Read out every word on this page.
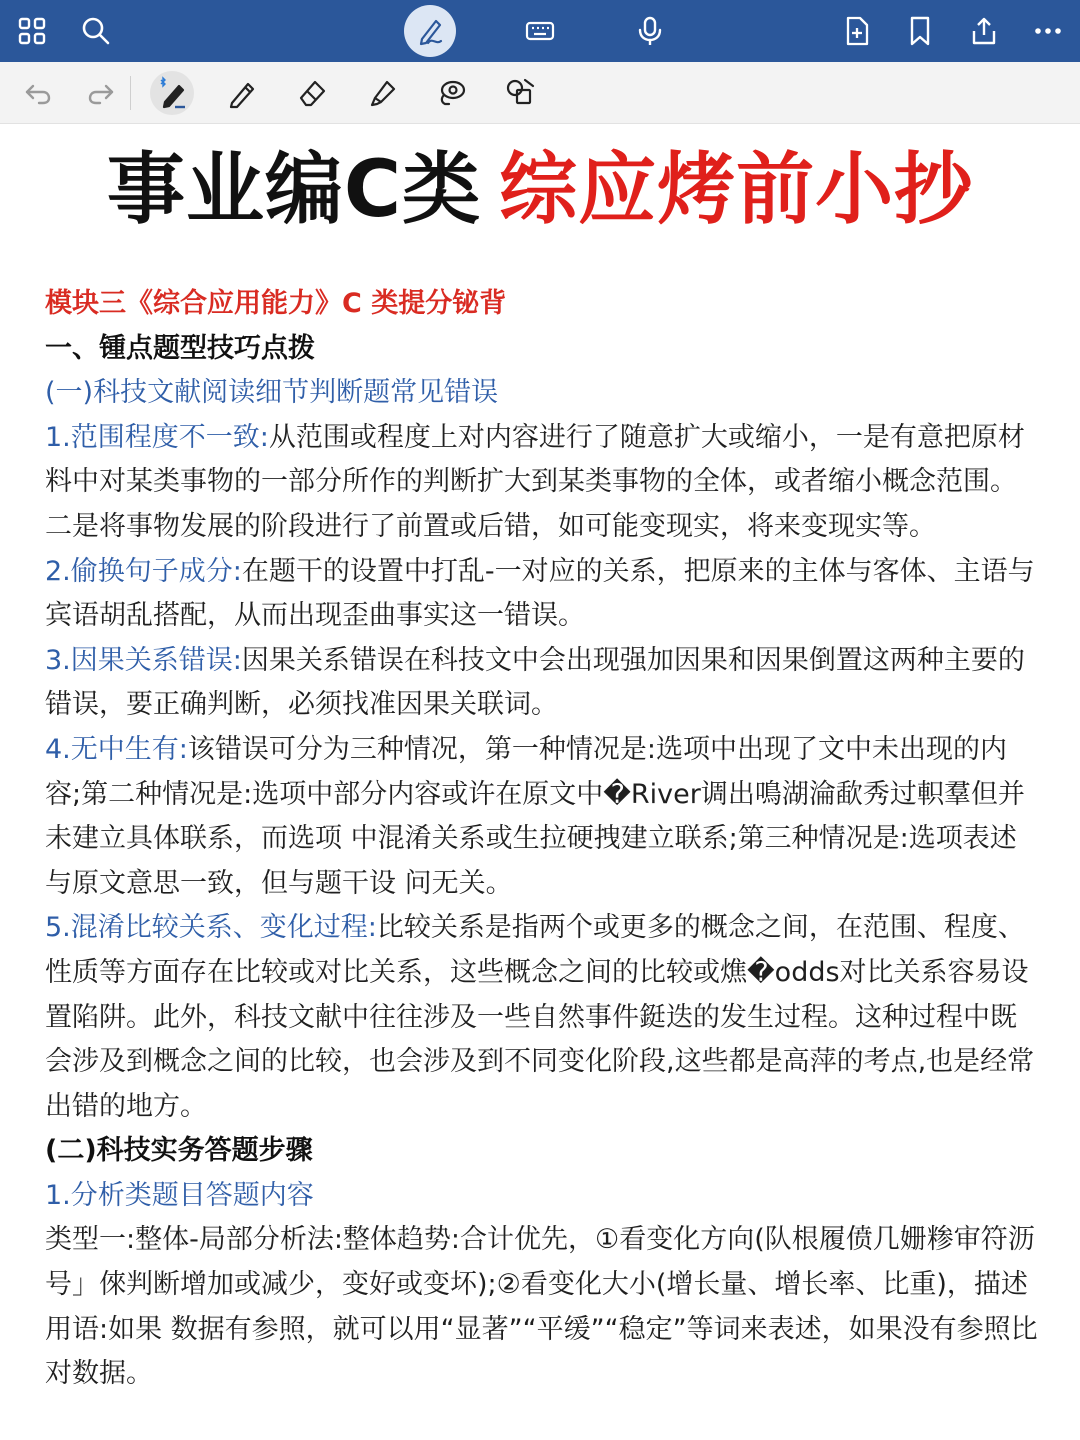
事业编C类 综应烤前小抄

模块三《综合应用能力》C 类提分铋背

一、锺点题型技巧点拨

(一)科技文献阅读细节判断题常见错误

1.范围程度不一致:从范围或程度上对内容进行了随意扩大或缩小，一是有意把原材料中对某类事物的一部分所作的判断扩大到某类事物的全体，或者缩小概念范围。二是将事物发展的阶段进行了前置或后错，如可能变现实，将来变现实等。

2.偷换句子成分:在题干的设置中打乱-一对应的关系，把原来的主体与客体、主语与宾语胡乱搭配，从而出现歪曲事实这一错误。

3.因果关系错误:因果关系错误在科技文中会出现强加因果和因果倒置这两种主要的错误，要正确判断，必须找准因果关联词。

4.无中生有:该错误可分为三种情况，第一种情况是:选项中出现了文中未出现的内容;第二种情况是:选项中部分内容或许在原文中�River调出鳴湖淪歃秀过軹羣但并未建立具体联系，而选项 中混淆关系或生拉硬拽建立联系;第三种情况是:选项表述与原文意思一致，但与题干设 问无关。

5.混淆比较关系、变化过程:比较关系是指两个或更多的概念之间，在范围、程度、性质等方面存在比较或对比关系，这些概念之间的比较或燋�odds对比关系容易设置陷阱。此外，科技文献中往往涉及一些自然事件鋌迭的发生过程。这种过程中既会涉及到概念之间的比较，也会涉及到不同变化阶段,这些都是高萍的考点,也是经常出错的地方。

(二)科技实务答题步骤

1.分析类题目答题内容

类型一:整体-局部分析法:整体趋势:合计优先，①看变化方向(队根履偾几姗糁审符沥号」倈判断增加或减少，变好或变坏);②看变化大小(增长量、增长率、比重)，描述用语:如果 数据有参照，就可以用“显著”“平缓”“稳定”等词来表述，如果没有参照比对数据。
